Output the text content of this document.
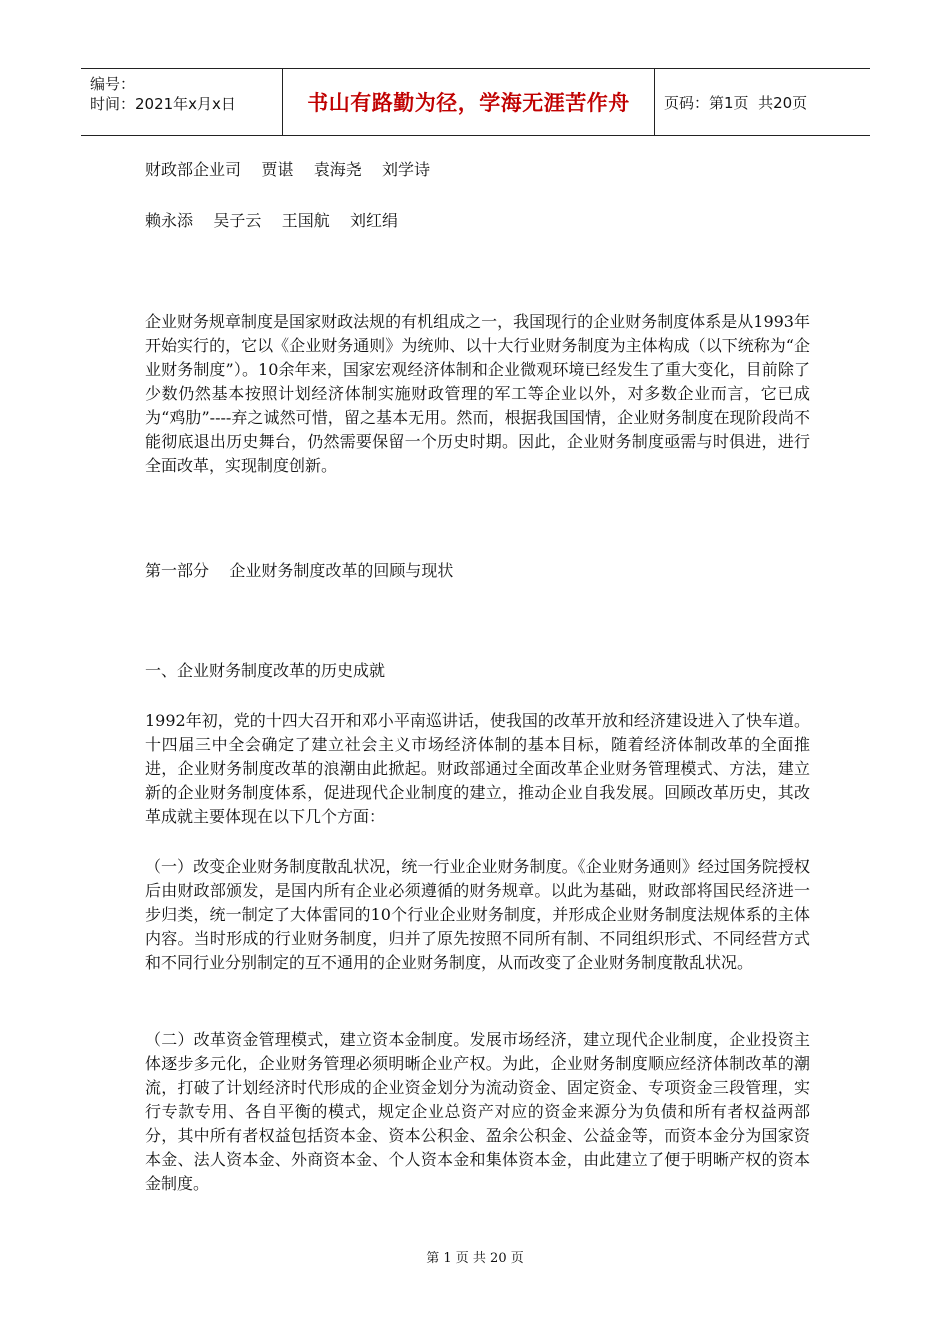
编号：
时间：2021年x月x日	书山有路勤为径，学海无涯苦作舟	页码：第1页  共20页
财政部企业司    贾谌    袁海尧    刘学诗
赖永添    吴子云    王国航    刘红绢

企业财务规章制度是国家财政法规的有机组成之一，我国现行的企业财务制度体系是从1993年开始实行的，它以《企业财务通则》为统帅、以十大行业财务制度为主体构成（以下统称为“企业财务制度”）。10余年来，国家宏观经济体制和企业微观环境已经发生了重大变化，目前除了少数仍然基本按照计划经济体制实施财政管理的军工等企业以外，对多数企业而言，它已成为“鸡肋”----弃之诚然可惜，留之基本无用。然而，根据我国国情，企业财务制度在现阶段尚不能彻底退出历史舞台，仍然需要保留一个历史时期。因此，企业财务制度亟需与时俱进，进行全面改革，实现制度创新。

第一部分    企业财务制度改革的回顾与现状
一、企业财务制度改革的历史成就

1992年初，党的十四大召开和邓小平南巡讲话，使我国的改革开放和经济建设进入了快车道。十四届三中全会确定了建立社会主义市场经济体制的基本目标，随着经济体制改革的全面推进，企业财务制度改革的浪潮由此掀起。财政部通过全面改革企业财务管理模式、方法，建立新的企业财务制度体系，促进现代企业制度的建立，推动企业自我发展。回顾改革历史，其改革成就主要体现在以下几个方面：

（一）改变企业财务制度散乱状况，统一行业企业财务制度。《企业财务通则》经过国务院授权后由财政部颁发，是国内所有企业必须遵循的财务规章。以此为基础，财政部将国民经济进一步归类，统一制定了大体雷同的10个行业企业财务制度，并形成企业财务制度法规体系的主体内容。当时形成的行业财务制度，归并了原先按照不同所有制、不同组织形式、不同经营方式和不同行业分别制定的互不通用的企业财务制度，从而改变了企业财务制度散乱状况。

（二）改革资金管理模式，建立资本金制度。发展市场经济，建立现代企业制度，企业投资主体逐步多元化，企业财务管理必须明晰企业产权。为此，企业财务制度顺应经济体制改革的潮流，打破了计划经济时代形成的企业资金划分为流动资金、固定资金、专项资金三段管理，实行专款专用、各自平衡的模式，规定企业总资产对应的资金来源分为负债和所有者权益两部分，其中所有者权益包括资本金、资本公积金、盈余公积金、公益金等，而资本金分为国家资本金、法人资本金、外商资本金、个人资本金和集体资本金，由此建立了便于明晰产权的资本金制度。

第 1 页 共 20 页
